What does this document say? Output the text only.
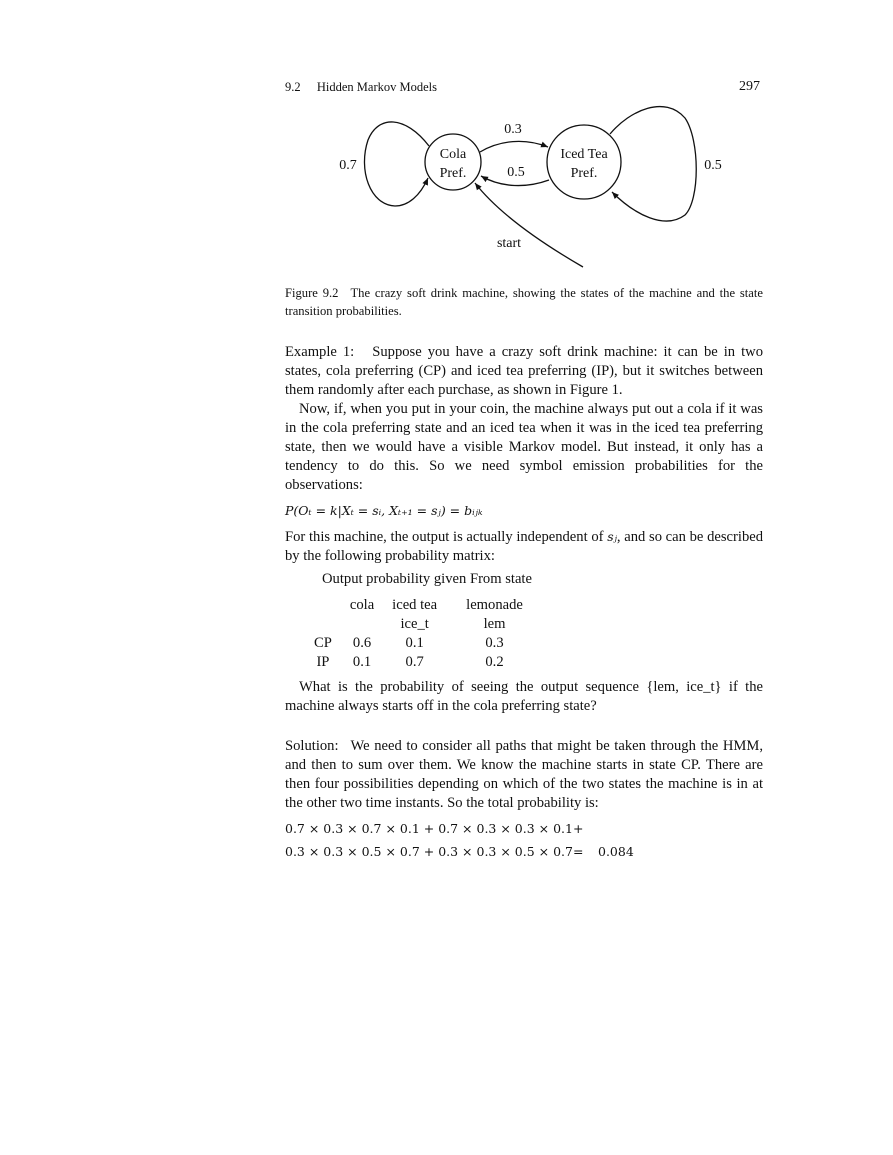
9.2 Hidden Markov Models	297
Cola
Pref.
Iced Tea
Pref.
0.7
0.3
0.5	0.5
start
Figure 9.2 The crazy soft drink machine, showing the states of the machine and the state transition probabilities.
Example 1: Suppose you have a crazy soft drink machine: it can be in two states, cola preferring (CP) and iced tea preferring (IP), but it switches between them randomly after each purchase, as shown in Figure 1.
Now, if, when you put in your coin, the machine always put out a cola if it was in the cola preferring state and an iced tea when it was in the iced tea preferring state, then we would have a visible Markov model. But instead, it only has a tendency to do this. So we need symbol emission probabilities for the observations:
P(Oₜ = k|Xₜ = sᵢ, Xₜ₊₁ = sⱼ) = bᵢⱼₖ
For this machine, the output is actually independent of sⱼ, and so can be described by the following probability matrix:
Output probability given From state
	cola	iced tea	lemonade
		ice_t	lem
CP	0.6	0.1	0.3
IP	0.1	0.7	0.2
What is the probability of seeing the output sequence {lem, ice_t} if the machine always starts off in the cola preferring state?
Solution: We need to consider all paths that might be taken through the HMM, and then to sum over them. We know the machine starts in state CP. There are then four possibilities depending on which of the two states the machine is in at the other two time instants. So the total probability is:
0.7 × 0.3 × 0.7 × 0.1 + 0.7 × 0.3 × 0.3 × 0.1 +
0.3 × 0.3 × 0.5 × 0.7 + 0.3 × 0.3 × 0.5 × 0.7 = 0.084
